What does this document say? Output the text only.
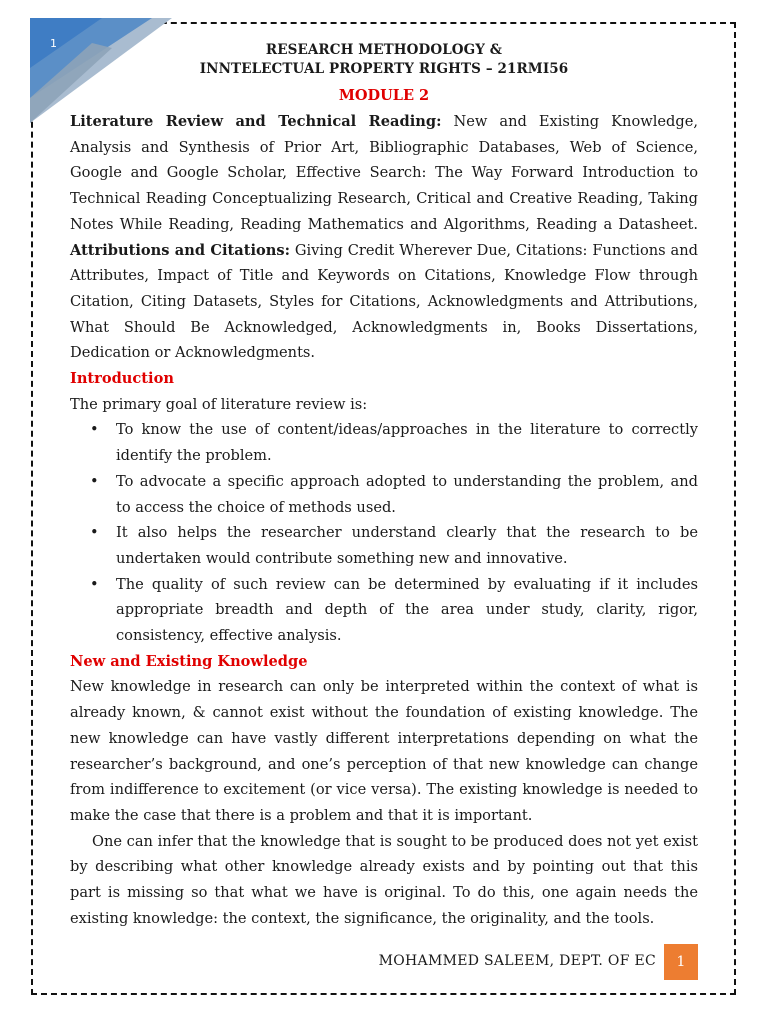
1	RESEARCH METHODOLOGY &
INNTELECTUAL PROPERTY RIGHTS – 21RMI56
MODULE 2

Literature Review and Technical Reading: New and Existing Knowledge, Analysis and Synthesis of Prior Art, Bibliographic Databases, Web of Science, Google and Google Scholar, Effective Search: The Way Forward Introduction to Technical Reading Conceptualizing Research, Critical and Creative Reading, Taking Notes While Reading, Reading Mathematics and Algorithms, Reading a Datasheet. Attributions and Citations: Giving Credit Wherever Due, Citations: Functions and Attributes, Impact of Title and Keywords on Citations, Knowledge Flow through Citation, Citing Datasets, Styles for Citations, Acknowledgments and Attributions, What Should Be Acknowledged, Acknowledgments in, Books Dissertations, Dedication or Acknowledgments.

Introduction

The primary goal of literature review is:

• To know the use of content/ideas/approaches in the literature to correctly identify the problem.
• To advocate a specific approach adopted to understanding the problem, and to access the choice of methods used.
• It also helps the researcher understand clearly that the research to be undertaken would contribute something new and innovative.
• The quality of such review can be determined by evaluating if it includes appropriate breadth and depth of the area under study, clarity, rigor, consistency, effective analysis.
New and Existing Knowledge

New knowledge in research can only be interpreted within the context of what is already known, & cannot exist without the foundation of existing knowledge. The new knowledge can have vastly different interpretations depending on what the researcher’s background, and one’s perception of that new knowledge can change from indifference to excitement (or vice versa). The existing knowledge is needed to make the case that there is a problem and that it is important.

One can infer that the knowledge that is sought to be produced does not yet exist by describing what other knowledge already exists and by pointing out that this part is missing so that what we have is original. To do this, one again needs the existing knowledge: the context, the significance, the originality, and the tools.

MOHAMMED SALEEM, DEPT. OF EC	1
